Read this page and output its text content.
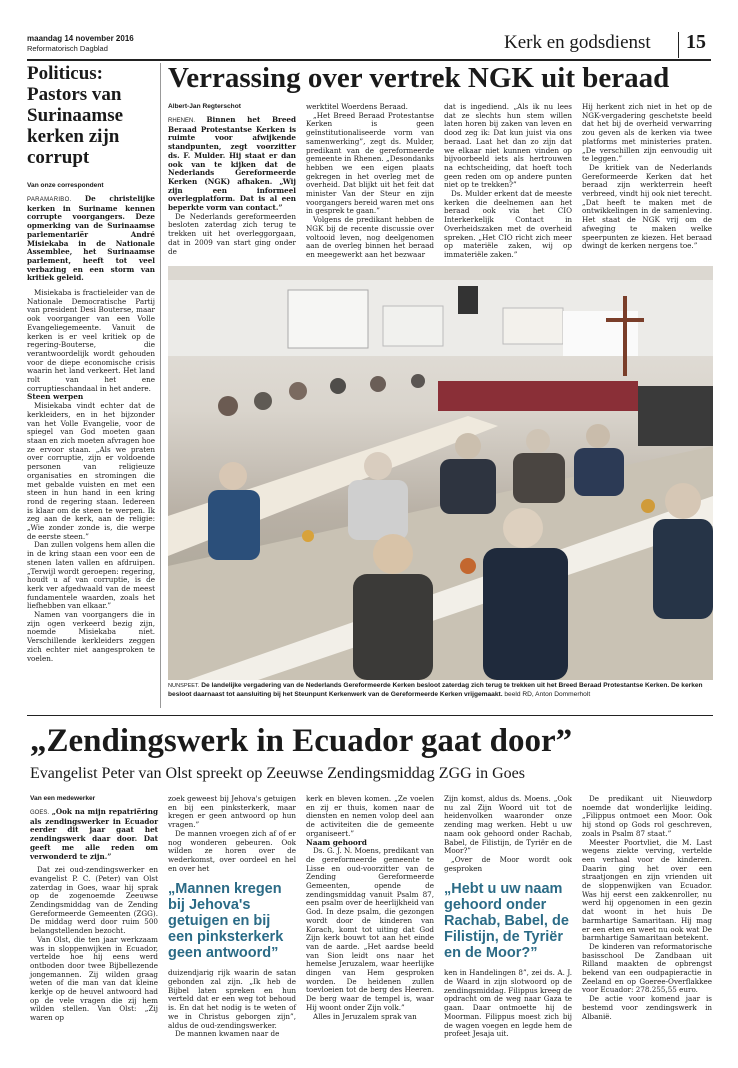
maandag 14 november 2016
Reformatorisch Dagblad	Kerk en godsdienst 15
Politicus: Pastors van Surinaamse kerken zijn corrupt
Van onze correspondent

PARAMARIBO. De christelijke kerken in Suriname kennen corrupte voorgangers. Deze opmerking van de Surinaamse parlementariër André Misiekaba in de Nationale Assemblee, het Surinaamse parlement, heeft tot veel verbazing en een storm van kritiek geleid.

Misiekaba is fractieleider van de Nationale Democratische Partij van president Desi Bouterse, maar ook voorganger van een Volle Evangeliegemeente. Vanuit de kerken is er veel kritiek op de regering-Bouterse, die verantwoordelijk wordt gehouden voor de diepe economische crisis waarin het land verkeert. Het land rolt van het ene corruptieschandaal in het andere.

Steen werpen

Misiekaba vindt echter dat de kerkleiders, en in het bijzonder van het Volle Evangelie, voor de spiegel van God moeten gaan staan en zich moeten afvragen hoe ze ervoor staan. „Als we praten over corruptie, zijn er voldoende personen van religieuze organisaties en stromingen die met gebalde vuisten en met een steen in hun hand in een kring rond de regering staan. Iedereen is klaar om de steen te werpen. Ik zeg aan de kerk, aan de religie: „Wie zonder zonde is, die werpe de eerste steen.”

Dan zullen volgens hem allen die in de kring staan een voor een de stenen laten vallen en afdruipen. „Terwijl wordt geroepen: regering, houdt u af van corruptie, is de kerk ver afgedwaald van de meest fundamentele waarden, zoals het liefhebben van elkaar.”

Namen van voorgangers die in zijn ogen verkeerd bezig zijn, noemde Misiekaba niet. Verschillende kerkleiders zeggen zich echter niet aangesproken te voelen.

Verrassing over vertrek NGK uit beraad
Albert-Jan Regterschot

RHENEN. Binnen het Breed Beraad Protestantse Kerken is ruimte voor afwijkende standpunten, zegt voorzitter ds. F. Mulder. Hij staat er dan ook van te kijken dat de Nederlands Gereformeerde Kerken (NGK) afhaken. „Wij zijn een informeel overlegplatform. Dat is al een beperkte vorm van contact.”

De Nederlands gereformeerden besloten zaterdag zich terug te trekken uit het overleggorgaan, dat in 2009 van start ging onder de

werktitel Woerdens Beraad.

„Het Breed Beraad Protestantse Kerken is geen geïnstitutionaliseerde vorm van samenwerking”, zegt ds. Mulder, predikant van de gereformeerde gemeente in Rhenen. „Desondanks hebben we een eigen plaats gekregen in het overleg met de overheid. Dat blijkt uit het feit dat minister Van der Steur en zijn voorgangers bereid waren met ons in gesprek te gaan.”

Volgens de predikant hebben de NGK bij de recente discussie over voltooid leven, nog deelgenomen aan de overleg binnen het beraad en meegewerkt aan het bezwaar

dat is ingediend. „Als ik nu lees dat ze slechts hun stem willen laten horen bij zaken van leven en dood zeg ik: Dat kun juist via ons beraad. Laat het dan zo zijn dat we elkaar niet kunnen vinden op bijvoorbeeld iets als hertrouwen na echtscheiding, dat hoeft toch geen reden om op andere punten niet op te trekken?”

Ds. Mulder erkent dat de meeste kerken die deelnemen aan het beraad ook via het CIO Interkerkelijk Contact in Overheidszaken met de overheid spreken. „Het CIO richt zich meer op materiële zaken, wij op immateriële zaken.”

Hij herkent zich niet in het op de NGK-vergadering geschetste beeld dat het bij de overheid verwarring zou geven als de kerken via twee platforms met ministeries praten. „De verschillen zijn eenvoudig uit te leggen.”

De kritiek van de Nederlands Gereformeerde Kerken dat het beraad zijn werkterrein heeft verbreed, vindt hij ook niet terecht. „Dat heeft te maken met de ontwikkelingen in de samenleving. Het staat de NGK vrij om de afweging te maken welke speerpunten ze kiezen. Het beraad dwingt de kerken nergens toe.”

NUNSPEET. De landelijke vergadering van de Nederlands Gereformeerde Kerken besloot zaterdag zich terug te trekken uit het Breed Beraad Protestantse Kerken. De kerken besloot daarnaast tot aansluiting bij het Steunpunt Kerkenwerk van de Gereformeerde Kerken vrijgemaakt. beeld RD, Anton Dommerholt
„Zendingswerk in Ecuador gaat door”
Evangelist Peter van Olst spreekt op Zeeuwse Zendingsmiddag ZGG in Goes
Van een medewerker

GOES. „Ook na mijn repatriëring als zendingswerker in Ecuador eerder dit jaar gaat het zendingswerk daar door. Dat geeft me alle reden om verwonderd te zijn.”

Dat zei oud-zendingswerker en evangelist P. C. (Peter) van Olst zaterdag in Goes, waar hij sprak op de zogenoemde Zeeuwse Zendingsmiddag van de Zending Gereformeerde Gemeenten (ZGG). De middag werd door ruim 500 belangstellenden bezocht.

Van Olst, die ten jaar werkzaam was in sloppenwijken in Ecuador, vertelde hoe hij eens werd ontboden door twee Bijbellezende jongemannen. Zij wilden graag weten of die man van dat kleine kerkje op de heuvel antwoord had op de vele vragen die zij hem wilden stellen. Van Olst: „Zij waren op

zoek geweest bij Jehova's getuigen en bij een pinksterkerk, maar kregen er geen antwoord op hun vragen.”

De mannen vroegen zich af of er nog wonderen gebeuren. Ook wilden ze horen over de wederkomst, over oordeel en hel en over het

„Mannen kregen bij Jehova's getuigen en bij een pinksterkerk geen antwoord”

duizendjarig rijk waarin de satan gebonden zal zijn. „Ik heb de Bijbel laten spreken en hun verteld dat er een weg tot behoud is. En dat het nodig is te weten of we in Christus geborgen zijn”, aldus de oud-zendingswerker.

De mannen kwamen naar de

kerk en bleven komen. „Ze voelen en zij er thuis, komen naar de diensten en nemen volop deel aan de activiteiten die de gemeente organiseert.”

Naam gehoord

Ds. G. J. N. Moens, predikant van de gereformeerde gemeente te Lisse en oud-voorzitter van de Zending Gereformeerde Gemeenten, opende de zendingsmiddag vanuit Psalm 87, een psalm over de heerlijkheid van God. In deze psalm, die gezongen wordt door de kinderen van Korach, komt tot uiting dat God Zijn kerk bouwt tot aan het einde van de aarde. „Het aardse beeld van Sion leidt ons naar het hemelse Jeruzalem, waar heerlijke dingen van Hem gesproken worden. De heidenen zullen toevloeien tot de berg des Heeren. De berg waar de tempel is, waar Hij woont onder Zijn volk.”

Alles in Jeruzalem sprak van

Zijn komst, aldus ds. Moens. „Ook nu zal Zijn Woord uit tot de heidenvolken waaronder onze zending mag werken. Hebt u uw naam ook gehoord onder Rachab, Babel, de Filistijn, de Tyriër en de Moor?”

„Over de Moor wordt ook gesproken

„Hebt u uw naam gehoord onder Rachab, Babel, de Filistijn, de Tyriër en de Moor?”

ken in Handelingen 8”, zei ds. A. J. de Waard in zijn slotwoord op de zendingsmiddag. Filippus kreeg de opdracht om de weg naar Gaza te gaan. Daar ontmoette hij de Moorman. Filippus moest zich bij de wagen voegen en legde hem de profeet Jesaja uit.

De predikant uit Nieuwdorp noemde dat wonderlijke leiding. „Filippus ontmoet een Moor. Ook hij stond op Gods rol geschreven, zoals in Psalm 87 staat.”

Meester Poortvliet, die M. Last wegens ziekte verving, vertelde een verhaal voor de kinderen. Daarin ging het over een straatjongen en zijn vrienden uit de sloppenwijken van Ecuador. Was hij eerst een zakkenroller, nu werd hij opgenomen in een gezin dat woont in het huis De barmhartige Samaritaan. Hij mag er een eten en weet nu ook wat De barmhartige Samaritaan betekent.

De kinderen van reformatorische basisschool De Zandbaan uit Rilland maakten de opbrengst bekend van een oudpapieractie in Zeeland en op Goeree-Overflakkee voor Ecuador: 278.255,55 euro.

De actie voor komend jaar is bestemd voor zendingswerk in Albanië.
